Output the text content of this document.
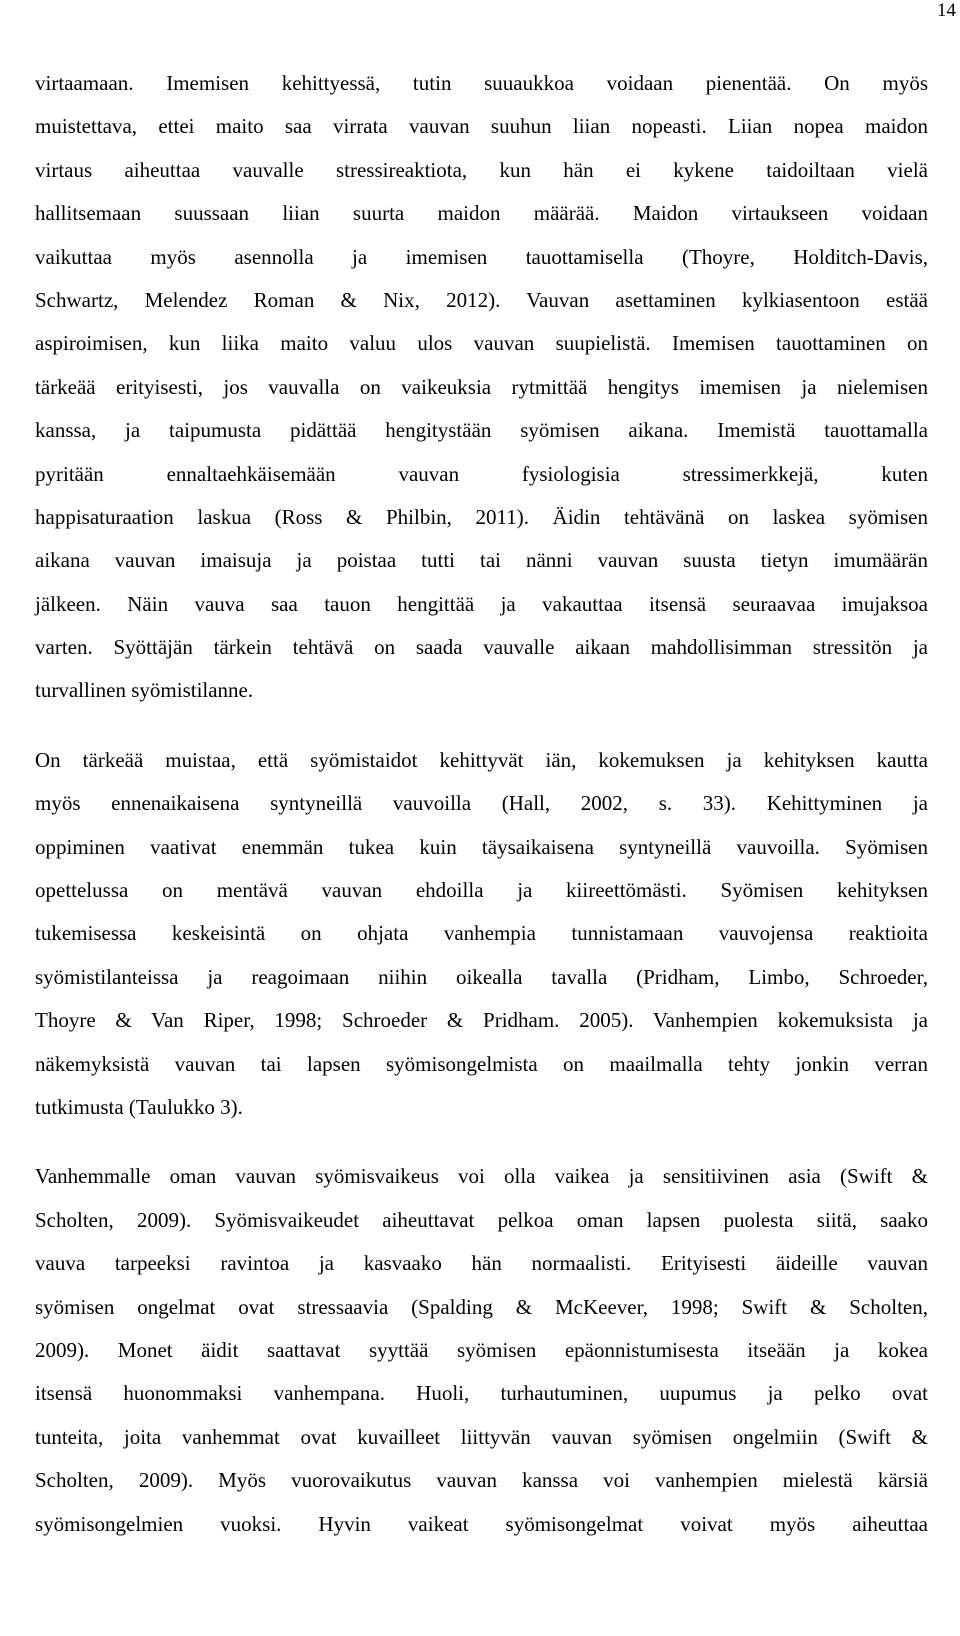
14
virtaamaan. Imemisen kehittyessä, tutin suuaukkoa voidaan pienentää. On myös
muistettava, ettei maito saa virrata vauvan suuhun liian nopeasti. Liian nopea maidon
virtaus aiheuttaa vauvalle stressireaktiota, kun hän ei kykene taidoiltaan vielä
hallitsemaan suussaan liian suurta maidon määrää. Maidon virtaukseen voidaan
vaikuttaa myös asennolla ja imemisen tauottamisella (Thoyre, Holditch-Davis,
Schwartz, Melendez Roman & Nix, 2012). Vauvan asettaminen kylkiasentoon estää
aspiroimisen, kun liika maito valuu ulos vauvan suupielistä. Imemisen tauottaminen on
tärkeää erityisesti, jos vauvalla on vaikeuksia rytmittää hengitys imemisen ja nielemisen
kanssa, ja taipumusta pidättää hengitystään syömisen aikana. Imemistä tauottamalla
pyritään ennaltaehkäisemään vauvan fysiologisia stressimerkkejä, kuten
happisaturaation laskua (Ross & Philbin, 2011). Äidin tehtävänä on laskea syömisen
aikana vauvan imaisuja ja poistaa tutti tai nänni vauvan suusta tietyn imumäärän
jälkeen. Näin vauva saa tauon hengittää ja vakauttaa itsensä seuraavaa imujaksoa
varten. Syöttäjän tärkein tehtävä on saada vauvalle aikaan mahdollisimman stressitön ja
turvallinen syömistilanne.
On tärkeää muistaa, että syömistaidot kehittyvät iän, kokemuksen ja kehityksen kautta
myös ennenaikaisena syntyneillä vauvoilla (Hall, 2002, s. 33). Kehittyminen ja
oppiminen vaativat enemmän tukea kuin täysaikaisena syntyneillä vauvoilla. Syömisen
opettelussa on mentävä vauvan ehdoilla ja kiireettömästi. Syömisen kehityksen
tukemisessa keskeisintä on ohjata vanhempia tunnistamaan vauvojensa reaktioita
syömistilanteissa ja reagoimaan niihin oikealla tavalla (Pridham, Limbo, Schroeder,
Thoyre & Van Riper, 1998; Schroeder & Pridham. 2005). Vanhempien kokemuksista ja
näkemyksistä vauvan tai lapsen syömisongelmista on maailmalla tehty jonkin verran
tutkimusta (Taulukko 3).
Vanhemmalle oman vauvan syömisvaikeus voi olla vaikea ja sensitiivinen asia (Swift &
Scholten, 2009). Syömisvaikeudet aiheuttavat pelkoa oman lapsen puolesta siitä, saako
vauva tarpeeksi ravintoa ja kasvaako hän normaalisti. Erityisesti äideille vauvan
syömisen ongelmat ovat stressaavia (Spalding & McKeever, 1998; Swift & Scholten,
2009). Monet äidit saattavat syyttää syömisen epäonnistumisesta itseään ja kokea
itsensä huonommaksi vanhempana. Huoli, turhautuminen, uupumus ja pelko ovat
tunteita, joita vanhemmat ovat kuvailleet liittyvän vauvan syömisen ongelmiin (Swift &
Scholten, 2009). Myös vuorovaikutus vauvan kanssa voi vanhempien mielestä kärsiä
syömisongelmien vuoksi. Hyvin vaikeat syömisongelmat voivat myös aiheuttaa
